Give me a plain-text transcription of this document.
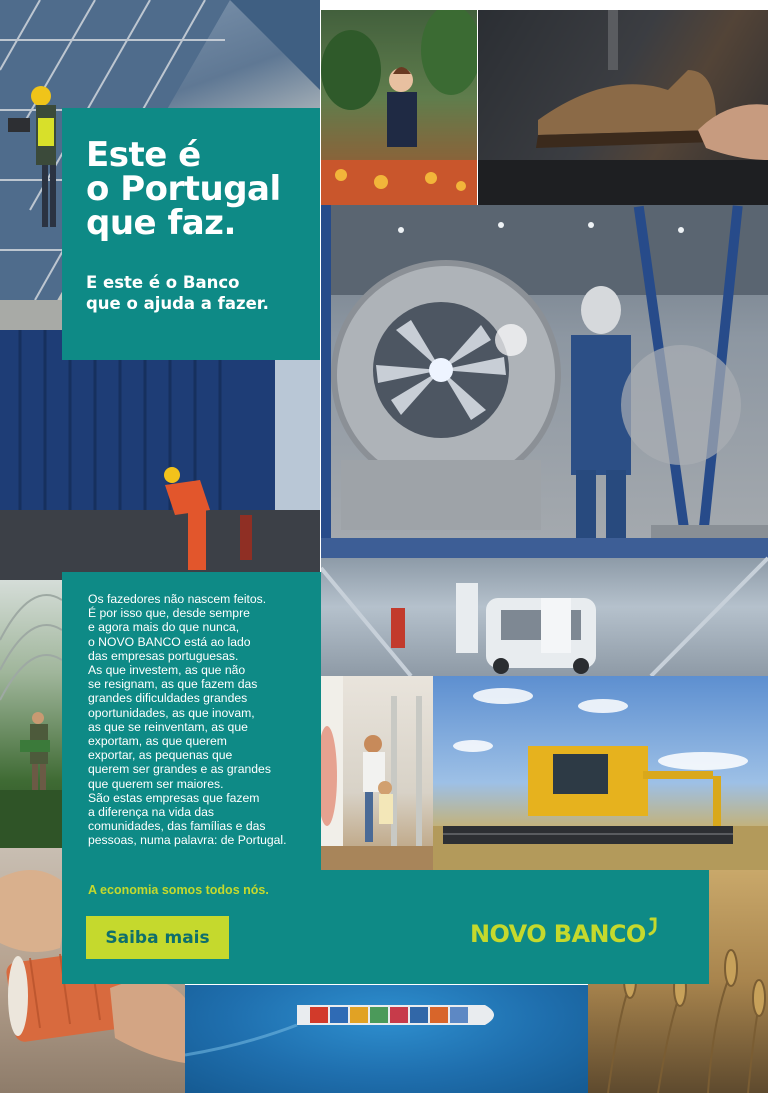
Este é
o Portugal
que faz.
E este é o Banco
que o ajuda a fazer.
Os fazedores não nascem feitos.
É por isso que, desde sempre
e agora mais do que nunca,
o NOVO BANCO está ao lado
das empresas portuguesas.
As que investem, as que não
se resignam, as que fazem das
grandes dificuldades grandes
oportunidades, as que inovam,
as que se reinventam, as que
exportam, as que querem
exportar, as pequenas que
querem ser grandes e as grandes
que querem ser maiores.
São estas empresas que fazem
a diferença na vida das
comunidades, das famílias e das
pessoas, numa palavra: de Portugal.
A economia somos todos nós.
Saiba mais	NOVO BANCO
